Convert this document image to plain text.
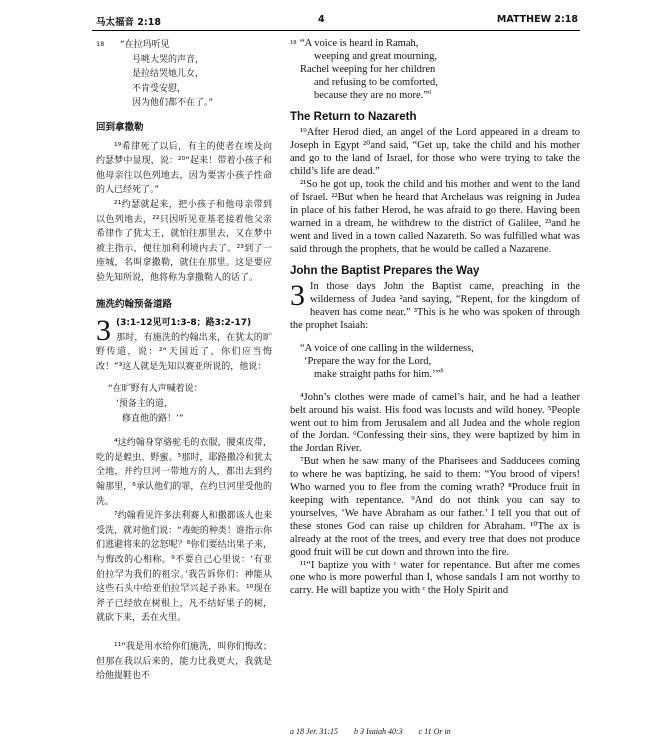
马太福音 2:18	4	MATTHEW 2:18
18	“在拉玛听见
号咷大哭的声音，
是拉结哭她儿女，
不肯受安慰，
因为他们都不在了。”
回到拿撒勒

¹⁹希律死了以后，有主的使者在埃及向约瑟梦中显现，说：²⁰“起来！带着小孩子和他母亲往以色列地去，因为要害小孩子性命的人已经死了。”

²¹约瑟就起来，把小孩子和他母亲带到以色列地去，²²只因听见亚基老接着他父亲希律作了犹太王，就怕往那里去，又在梦中被主指示，便往加利利境内去了。²³到了一座城，名叫拿撒勒，就住在那里。这是要应验先知所说，他将称为拿撒勒人的话了。

施洗约翰预备道路
3 (3:1-12见可1:3-8；路3:2-17)
那时，有施洗的约翰出来，在犹太的旷野传道，说：²“天国近了，你们应当悔改！”³这人就是先知以赛亚所说的，他说：
“在旷野有人声喊着说：
‘预备主的道，
修直他的路！’”

⁴这约翰身穿骆驼毛的衣服，腰束皮带，吃的是蝗虫、野蜜。⁵那时，耶路撒冷和犹太全地，并约旦河一带地方的人，都出去到约翰那里，⁶承认他们的罪，在约旦河里受他的洗。

⁷约翰看见许多法利赛人和撒都该人也来受洗，就对他们说：“毒蛇的种类！谁指示你们逃避将来的忿怒呢？⁸你们要结出果子来，与悔改的心相称。⁹不要自己心里说：‘有亚伯拉罕为我们的祖宗。’我告诉你们：神能从这些石头中给亚伯拉罕兴起子孙来。¹⁰现在斧子已经放在树根上，凡不结好果子的树，就砍下来，丢在火里。

¹¹“我是用水给你们施洗，叫你们悔改；但那在我以后来的，能力比我更大，我就是给他提鞋也不

18 “A voice is heard in Ramah,
weeping and great mourning,
Rachel weeping for her children
and refusing to be comforted,
because they are no more.”$^a$
The Return to Nazareth

¹⁹After Herod died, an angel of the Lord appeared in a dream to Joseph in Egypt ²⁰and said, “Get up, take the child and his mother and go to the land of Israel, for those who were trying to take the child’s life are dead.”

²¹So he got up, took the child and his mother and went to the land of Israel. ²²But when he heard that Archelaus was reigning in Judea in place of his father Herod, he was afraid to go there. Having been warned in a dream, he withdrew to the district of Galilee, ²³and he went and lived in a town called Nazareth. So was fulfilled what was said through the prophets, that he would be called a Nazarene.

John the Baptist Prepares the Way
3 In those days John the Baptist came, preaching in the wilderness of Judea ²and saying, “Repent, for the kingdom of heaven has come near.” ³This is he who was spoken of through the prophet Isaiah:
“A voice of one calling in the wilderness,
‘Prepare the way for the Lord,
make straight paths for him.’”$^b$

⁴John’s clothes were made of camel’s hair, and he had a leather belt around his waist. His food was locusts and wild honey. ⁵People went out to him from Jerusalem and all Judea and the whole region of the Jordan. ⁶Confessing their sins, they were baptized by him in the Jordan River.

⁷But when he saw many of the Pharisees and Sadducees coming to where he was baptizing, he said to them: “You brood of vipers! Who warned you to flee from the coming wrath? ⁸Produce fruit in keeping with repentance. ⁹And do not think you can say to yourselves, ‘We have Abraham as our father.’ I tell you that out of these stones God can raise up children for Abraham. ¹⁰The ax is already at the root of the trees, and every tree that does not produce good fruit will be cut down and thrown into the fire.

¹¹“I baptize you with ᶜ water for repentance. But after me comes one who is more powerful than I, whose sandals I am not worthy to carry. He will baptize you with ᶜ the Holy Spirit and

a 18 Jer. 31:15 b 3 Isaiah 40:3 c 11 Or in
